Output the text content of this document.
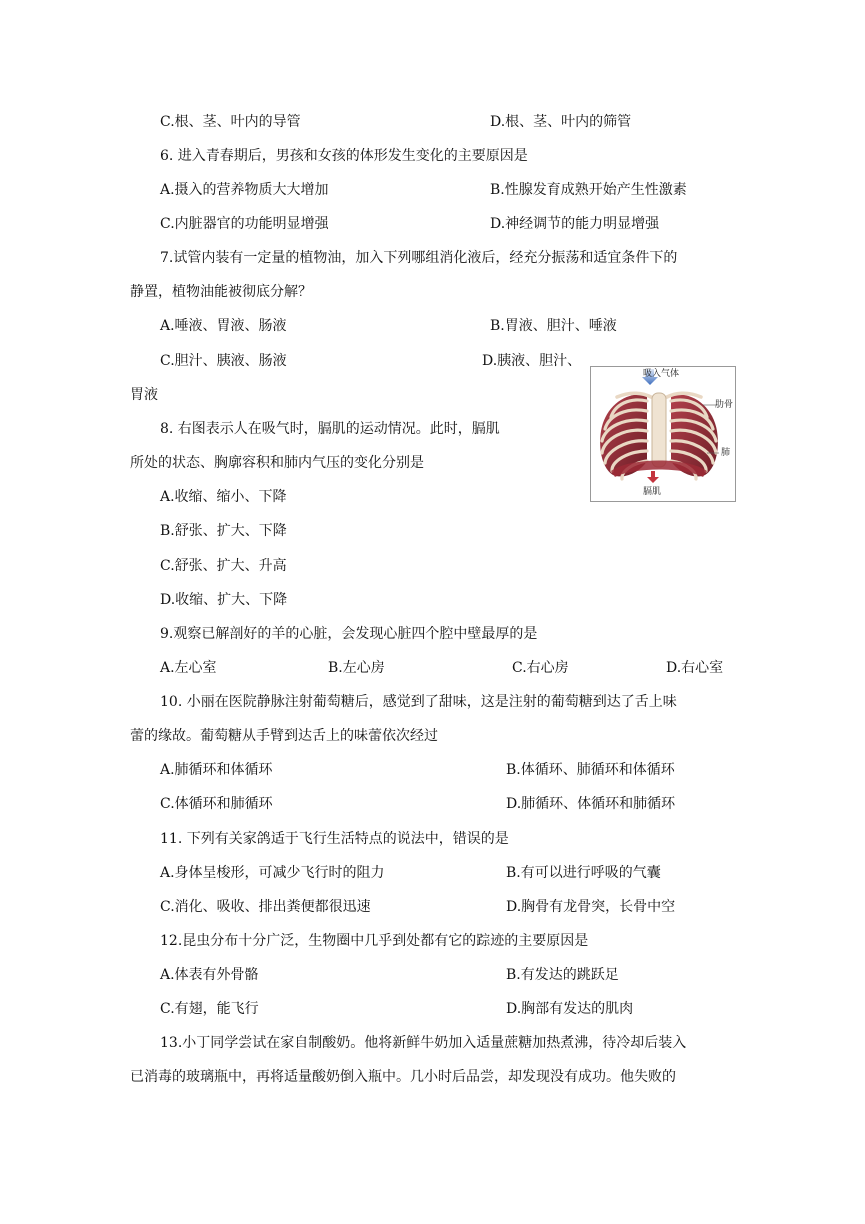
C.根、茎、叶内的导管	D.根、茎、叶内的筛管
6. 进入青春期后，男孩和女孩的体形发生变化的主要原因是
A.摄入的营养物质大大增加	B.性腺发育成熟开始产生性激素
C.内脏器官的功能明显增强	D.神经调节的能力明显增强
7.试管内装有一定量的植物油，加入下列哪组消化液后，经充分振荡和适宜条件下的
静置，植物油能被彻底分解？
A.唾液、胃液、肠液	B.胃液、胆汁、唾液
C.胆汁、胰液、肠液	D.胰液、胆汁、
胃液
8. 右图表示人在吸气时，膈肌的运动情况。此时，膈肌
所处的状态、胸廓容积和肺内气压的变化分别是
A.收缩、缩小、下降
B.舒张、扩大、下降
C.舒张、扩大、升高
D.收缩、扩大、下降
吸入气体
肋骨
肺
膈肌
9.观察已解剖好的羊的心脏，会发现心脏四个腔中壁最厚的是
A.左心室	B.左心房	C.右心房	D.右心室
10. 小丽在医院静脉注射葡萄糖后，感觉到了甜味，这是注射的葡萄糖到达了舌上味
蕾的缘故。葡萄糖从手臂到达舌上的味蕾依次经过
A.肺循环和体循环	B.体循环、肺循环和体循环
C.体循环和肺循环	D.肺循环、体循环和肺循环
11. 下列有关家鸽适于飞行生活特点的说法中，错误的是
A.身体呈梭形，可减少飞行时的阻力	B.有可以进行呼吸的气囊
C.消化、吸收、排出粪便都很迅速	D.胸骨有龙骨突，长骨中空
12.昆虫分布十分广泛，生物圈中几乎到处都有它的踪迹的主要原因是
A.体表有外骨骼	B.有发达的跳跃足
C.有翅，能飞行	D.胸部有发达的肌肉
13.小丁同学尝试在家自制酸奶。他将新鲜牛奶加入适量蔗糖加热煮沸，待冷却后装入
已消毒的玻璃瓶中，再将适量酸奶倒入瓶中。几小时后品尝，却发现没有成功。他失败的
